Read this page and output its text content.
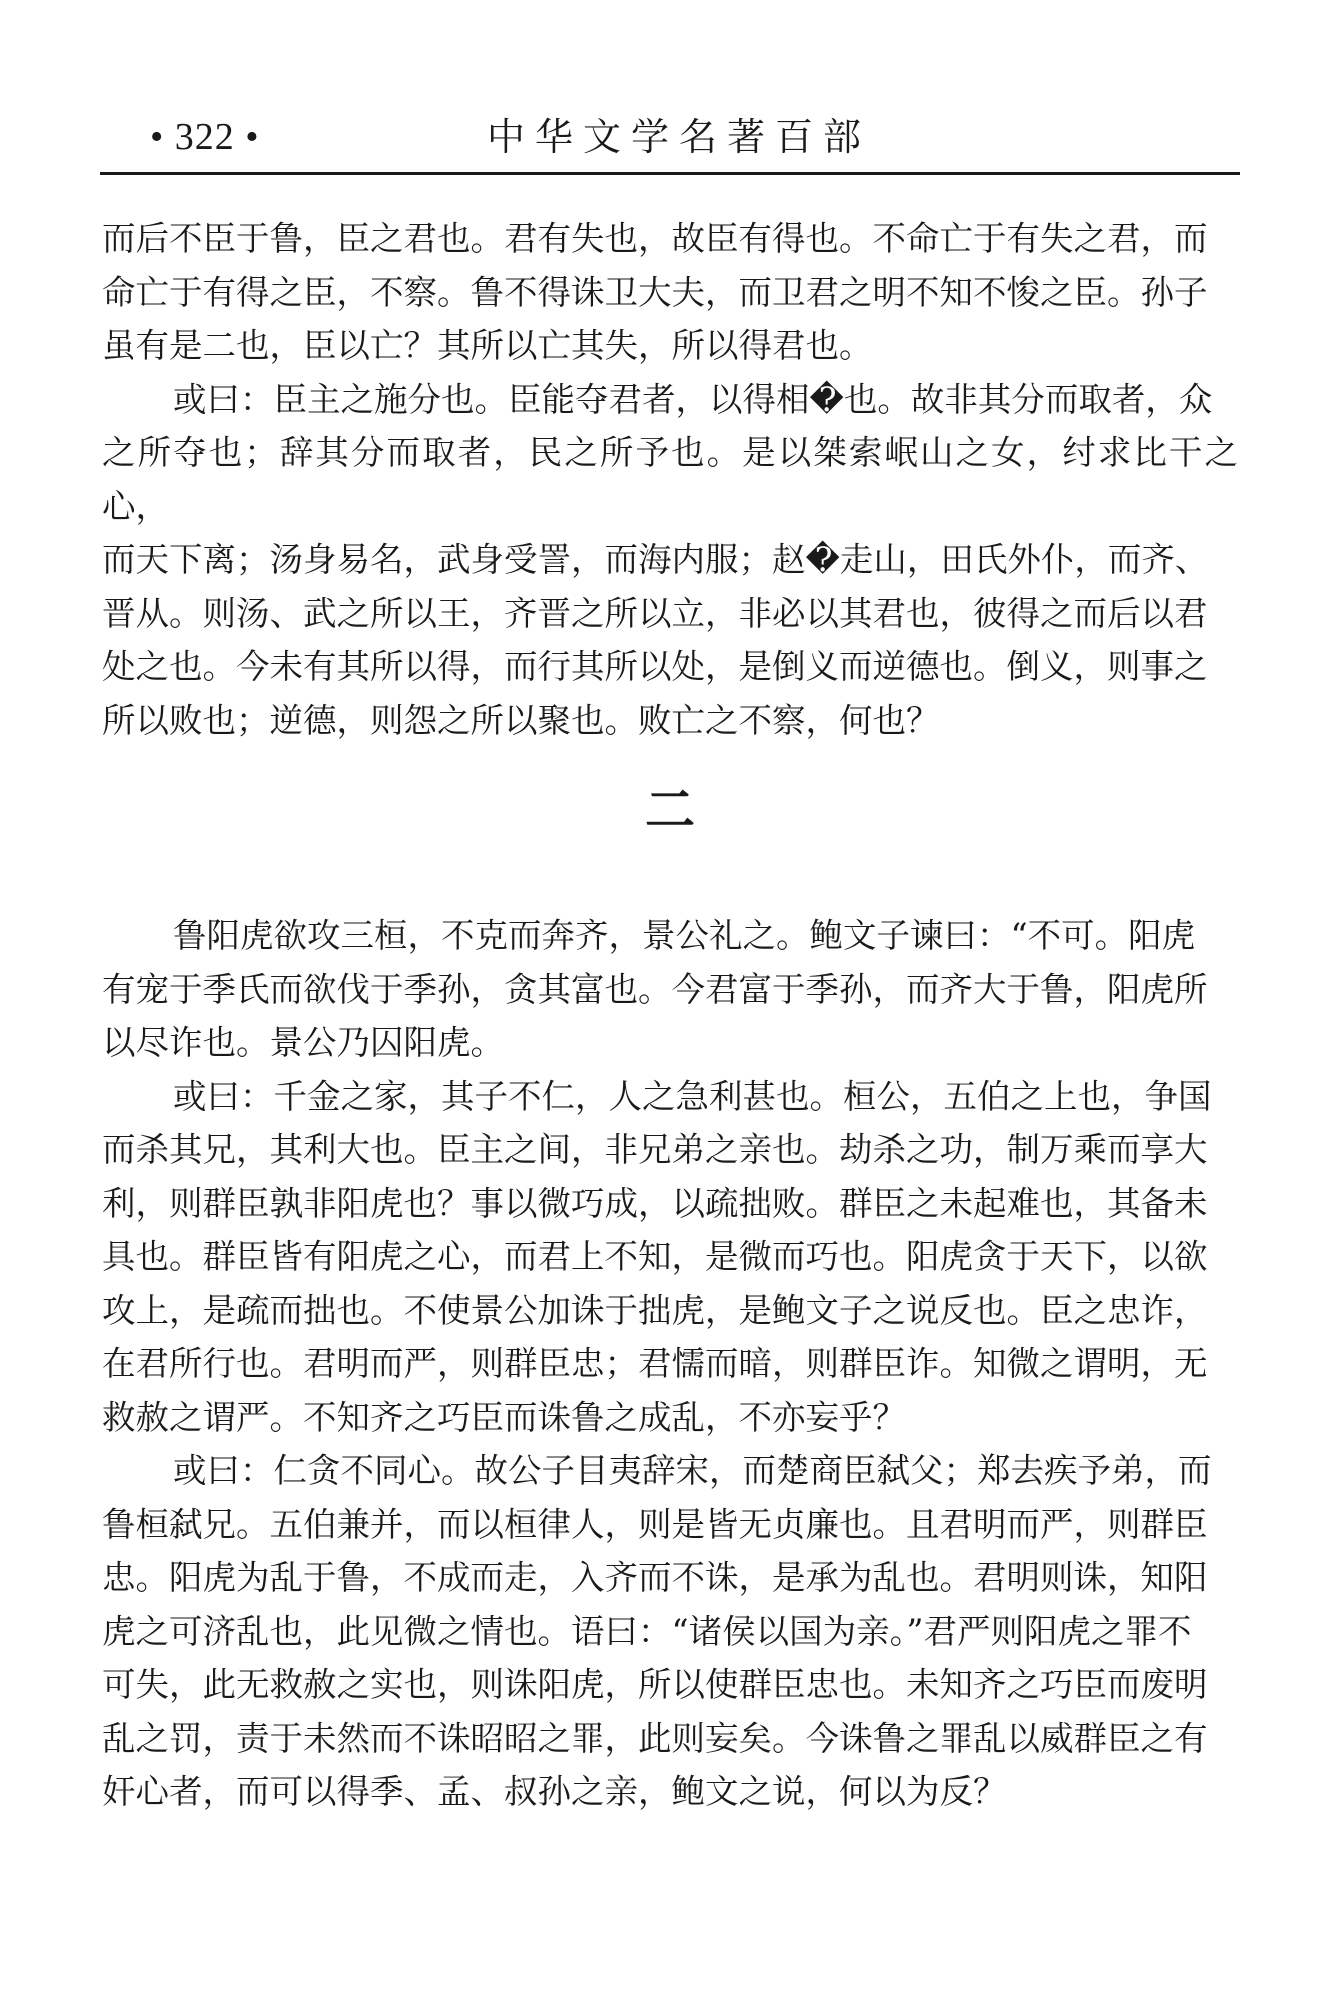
• 322 •	中华文学名著百部

而后不臣于鲁，臣之君也。君有失也，故臣有得也。不命亡于有失之君，而
命亡于有得之臣，不察。鲁不得诛卫大夫，而卫君之明不知不悛之臣。孙子
虽有是二也，臣以亡？其所以亡其失，所以得君也。

或曰：臣主之施分也。臣能夺君者，以得相�也。故非其分而取者，众
之所夺也；辞其分而取者，民之所予也。是以桀索岷山之女，纣求比干之心，
而天下离；汤身易名，武身受詈，而海内服；赵�走山，田氏外仆，而齐、
晋从。则汤、武之所以王，齐晋之所以立，非必以其君也，彼得之而后以君
处之也。今未有其所以得，而行其所以处，是倒义而逆德也。倒义，则事之
所以败也；逆德，则怨之所以聚也。败亡之不察，何也？

二

鲁阳虎欲攻三桓，不克而奔齐，景公礼之。鲍文子谏曰：“不可。阳虎
有宠于季氏而欲伐于季孙，贪其富也。今君富于季孙，而齐大于鲁，阳虎所
以尽诈也。景公乃囚阳虎。

或曰：千金之家，其子不仁，人之急利甚也。桓公，五伯之上也，争国
而杀其兄，其利大也。臣主之间，非兄弟之亲也。劫杀之功，制万乘而享大
利，则群臣孰非阳虎也？事以微巧成，以疏拙败。群臣之未起难也，其备未
具也。群臣皆有阳虎之心，而君上不知，是微而巧也。阳虎贪于天下，以欲
攻上，是疏而拙也。不使景公加诛于拙虎，是鲍文子之说反也。臣之忠诈，
在君所行也。君明而严，则群臣忠；君懦而暗，则群臣诈。知微之谓明，无
救赦之谓严。不知齐之巧臣而诛鲁之成乱，不亦妄乎？

或曰：仁贪不同心。故公子目夷辞宋，而楚商臣弑父；郑去疾予弟，而
鲁桓弑兄。五伯兼并，而以桓律人，则是皆无贞廉也。且君明而严，则群臣
忠。阳虎为乱于鲁，不成而走，入齐而不诛，是承为乱也。君明则诛，知阳
虎之可济乱也，此见微之情也。语曰：“诸侯以国为亲。”君严则阳虎之罪不
可失，此无救赦之实也，则诛阳虎，所以使群臣忠也。未知齐之巧臣而废明
乱之罚，责于未然而不诛昭昭之罪，此则妄矣。今诛鲁之罪乱以威群臣之有
奸心者，而可以得季、孟、叔孙之亲，鲍文之说，何以为反？
